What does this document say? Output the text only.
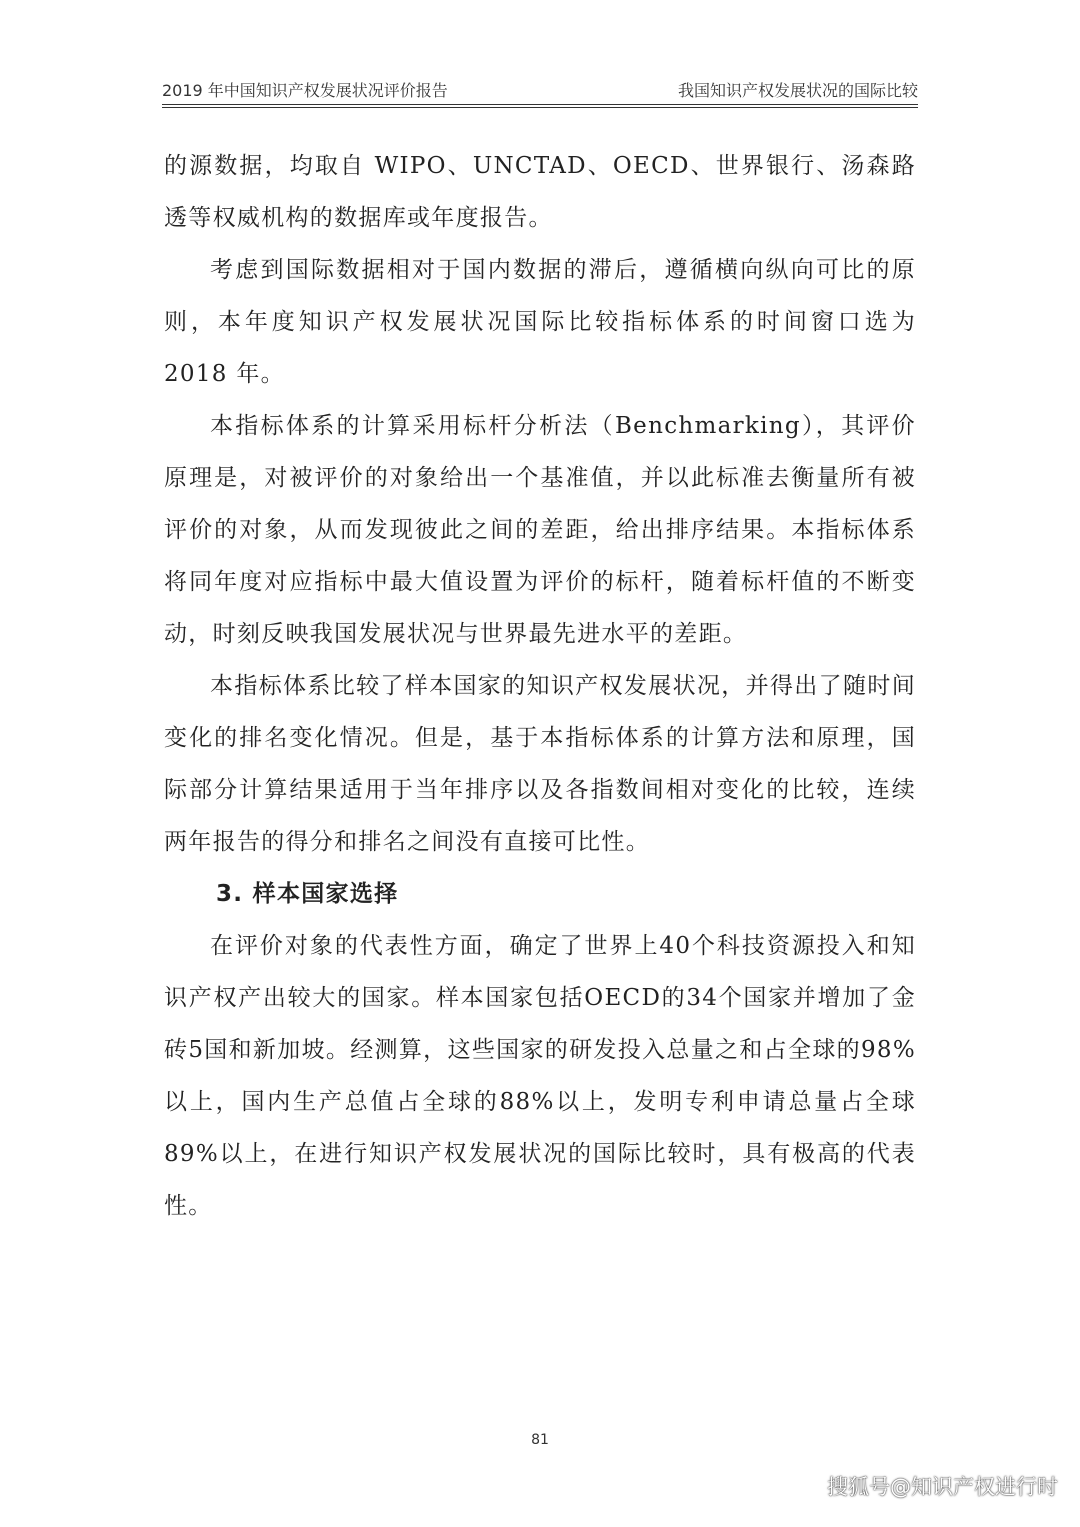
2019 年中国知识产权发展状况评价报告	我国知识产权发展状况的国际比较

的源数据，均取自 WIPO、UNCTAD、OECD、世界银行、汤森路透等权威机构的数据库或年度报告。

考虑到国际数据相对于国内数据的滞后，遵循横向纵向可比的原则，本年度知识产权发展状况国际比较指标体系的时间窗口选为 2018 年。

本指标体系的计算采用标杆分析法（Benchmarking），其评价原理是，对被评价的对象给出一个基准值，并以此标准去衡量所有被评价的对象，从而发现彼此之间的差距，给出排序结果。本指标体系将同年度对应指标中最大值设置为评价的标杆，随着标杆值的不断变动，时刻反映我国发展状况与世界最先进水平的差距。

本指标体系比较了样本国家的知识产权发展状况，并得出了随时间变化的排名变化情况。但是，基于本指标体系的计算方法和原理，国际部分计算结果适用于当年排序以及各指数间相对变化的比较，连续两年报告的得分和排名之间没有直接可比性。

3. 样本国家选择

在评价对象的代表性方面，确定了世界上40个科技资源投入和知识产权产出较大的国家。样本国家包括OECD的34个国家并增加了金砖5国和新加坡。经测算，这些国家的研发投入总量之和占全球的98%以上，国内生产总值占全球的88%以上，发明专利申请总量占全球89%以上，在进行知识产权发展状况的国际比较时，具有极高的代表性。

81
搜狐号@知识产权进行时
